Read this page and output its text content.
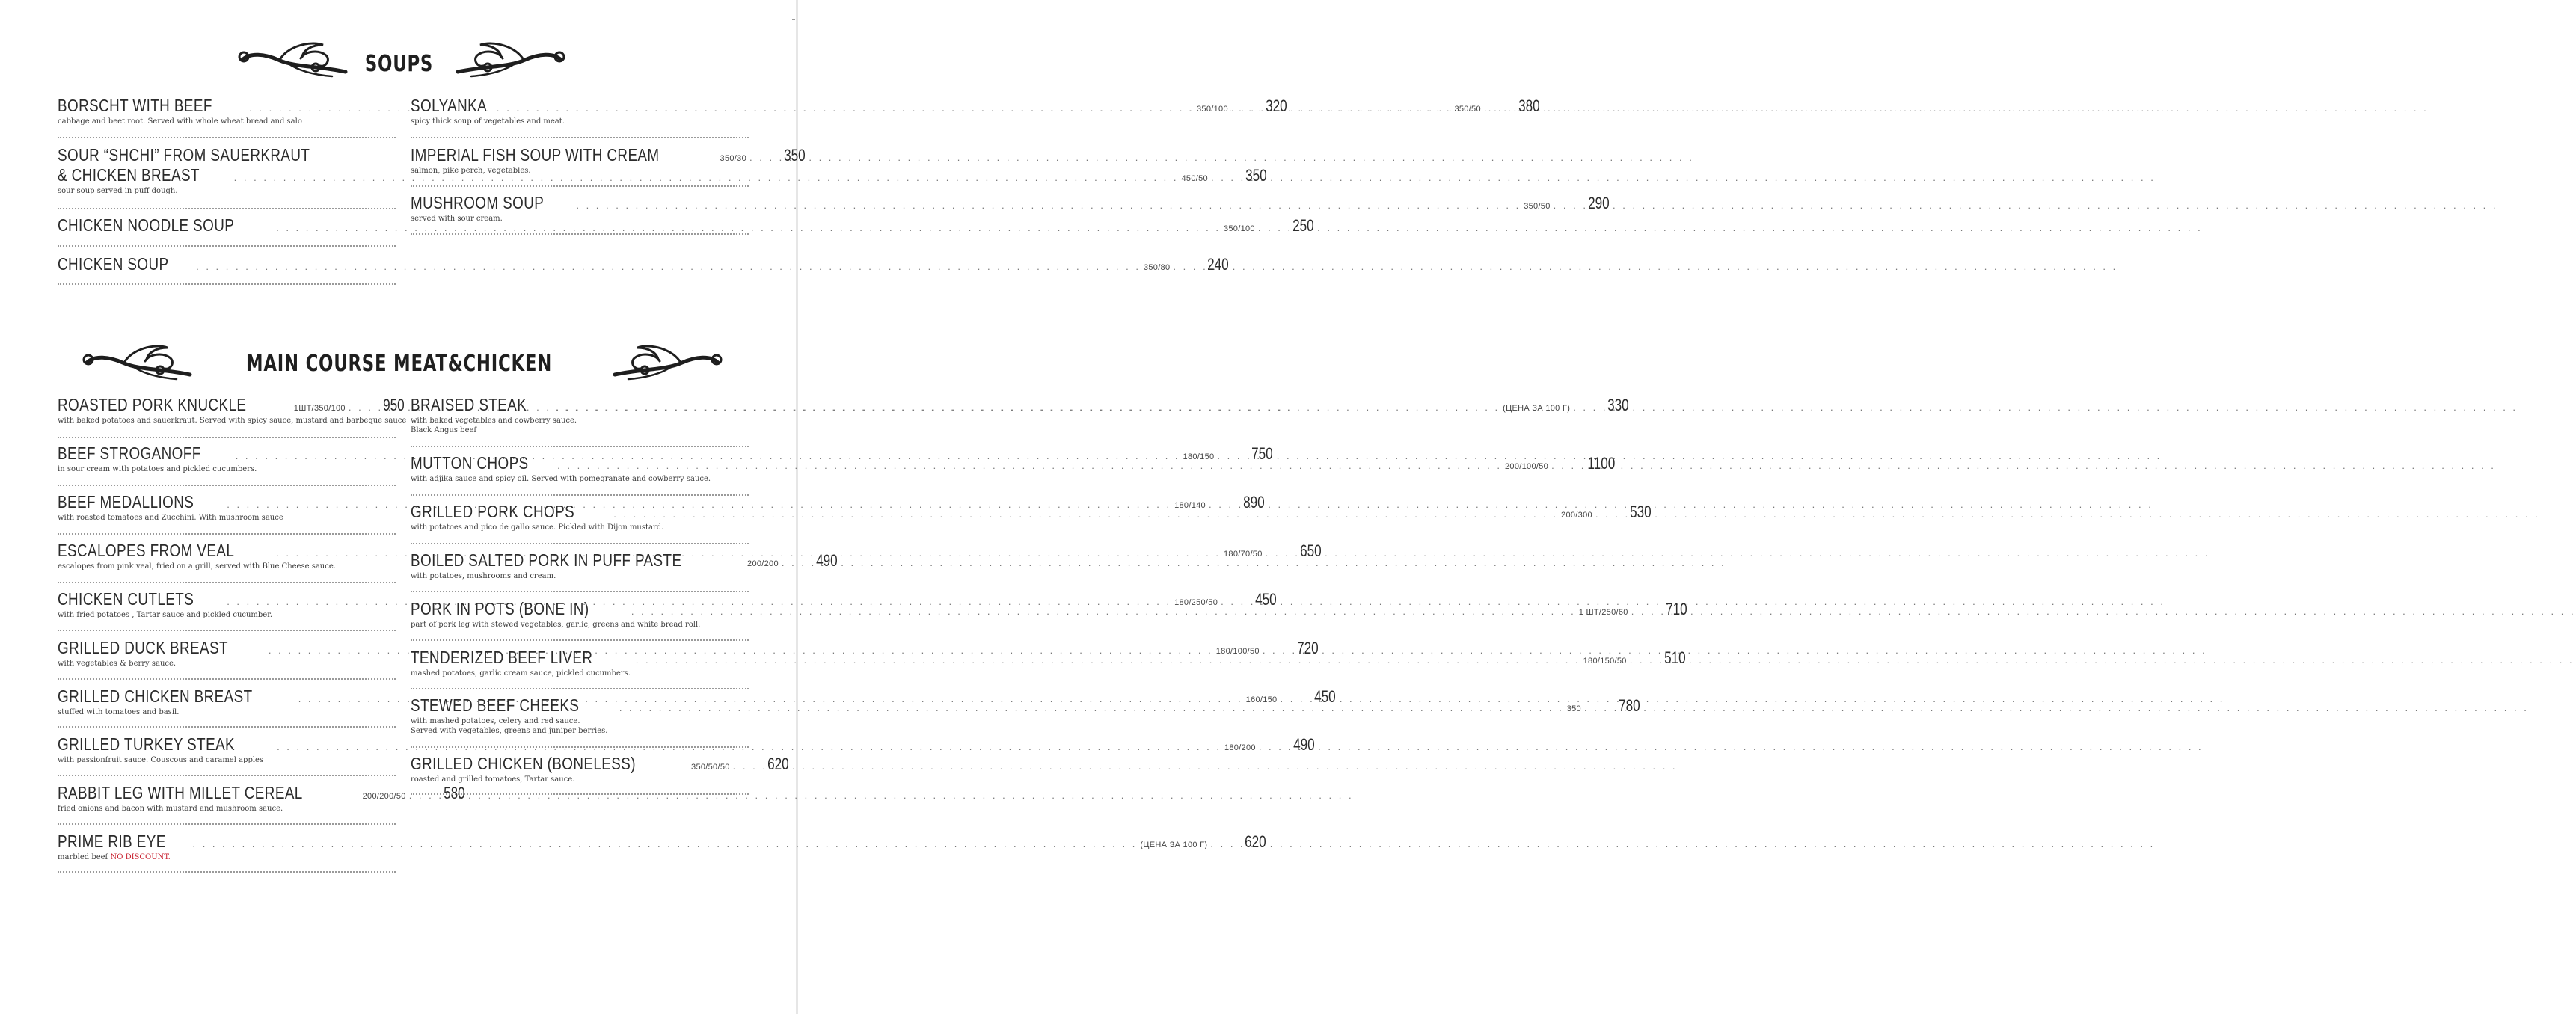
SOUPS
BORSCHT WITH BEEF . . .	350/100 . . . 320
cabbage and beet root. Served with whole wheat bread and salo
SOUR “SHCHI” FROM SAUERKRAUT
& CHICKEN BREAST . . .	450/50 . . . 350
sour soup served in puff dough.
CHICKEN NOODLE SOUP . . .	350/100 . . . 250
CHICKEN SOUP . . .	350/80 . . . 240
SOLYANKA . . .	350/50 . . . 380
spicy thick soup of vegetables and meat.
IMPERIAL FISH SOUP WITH CREAM	350/30 . . . 350
salmon, pike perch, vegetables.
MUSHROOM SOUP . . .	350/50 . . . 290
served with sour cream.
MAIN COURSE MEAT&CHICKEN
ROASTED PORK KNUCKLE	1ШТ/350/100 . . . 950
with baked potatoes and sauerkraut. Served with spicy sauce, mustard and barbeque sauce
BEEF STROGANOFF . . .	180/150 . . . 750
in sour cream with potatoes and pickled cucumbers.
BEEF MEDALLIONS . . .	180/140 . . . 890
with roasted tomatoes and Zucchini. With mushroom sauce
ESCALOPES FROM VEAL . . .	180/70/50 . . . 650
escalopes from pink veal, fried on a grill, served with Blue Cheese sauce.
CHICKEN CUTLETS . . .	180/250/50 . . . 450
with fried potatoes , Tartar sauce and pickled cucumber.
GRILLED DUCK BREAST . . .	180/100/50 . . . 720
with vegetables & berry sauce.
GRILLED CHICKEN BREAST . . .	160/150 . . . 450
stuffed with tomatoes and basil.
GRILLED TURKEY STEAK . . .	180/200 . . . 490
with passionfruit sauce. Couscous and caramel apples
RABBIT LEG WITH MILLET CEREAL	200/200/50 . . . 580
fried onions and bacon with mustard and mushroom sauce.
PRIME RIB EYE . . .	(ЦЕНА ЗА 100 Г) . . . 620
marbled beef NO DISCOUNT.
BRAISED STEAK . . .	(ЦЕНА ЗА 100 Г) . . . 330
with baked vegetables and cowberry sauce.
Black Angus beef
MUTTON CHOPS . . .	200/100/50 . . . 1100
with adjika sauce and spicy oil. Served with pomegranate and cowberry sauce.
GRILLED PORK CHOPS . . .	200/300 . . . 530
with potatoes and pico de gallo sauce. Pickled with Dijon mustard.
BOILED SALTED PORK IN PUFF PASTE	200/200 . . . 490
with potatoes, mushrooms and cream.
PORK IN POTS (BONE IN) . . .	1 ШТ/250/60 . . . 710
part of pork leg with stewed vegetables, garlic, greens and white bread roll.
TENDERIZED BEEF LIVER . . .	180/150/50 . . . 510
mashed potatoes, garlic cream sauce, pickled cucumbers.
STEWED BEEF CHEEKS . . .	350 . . . 780
with mashed potatoes, celery and red sauce.
Served with vegetables, greens and juniper berries.
GRILLED CHICKEN (BONELESS)	350/50/50 . . . 620
roasted and grilled tomatoes, Tartar sauce.
